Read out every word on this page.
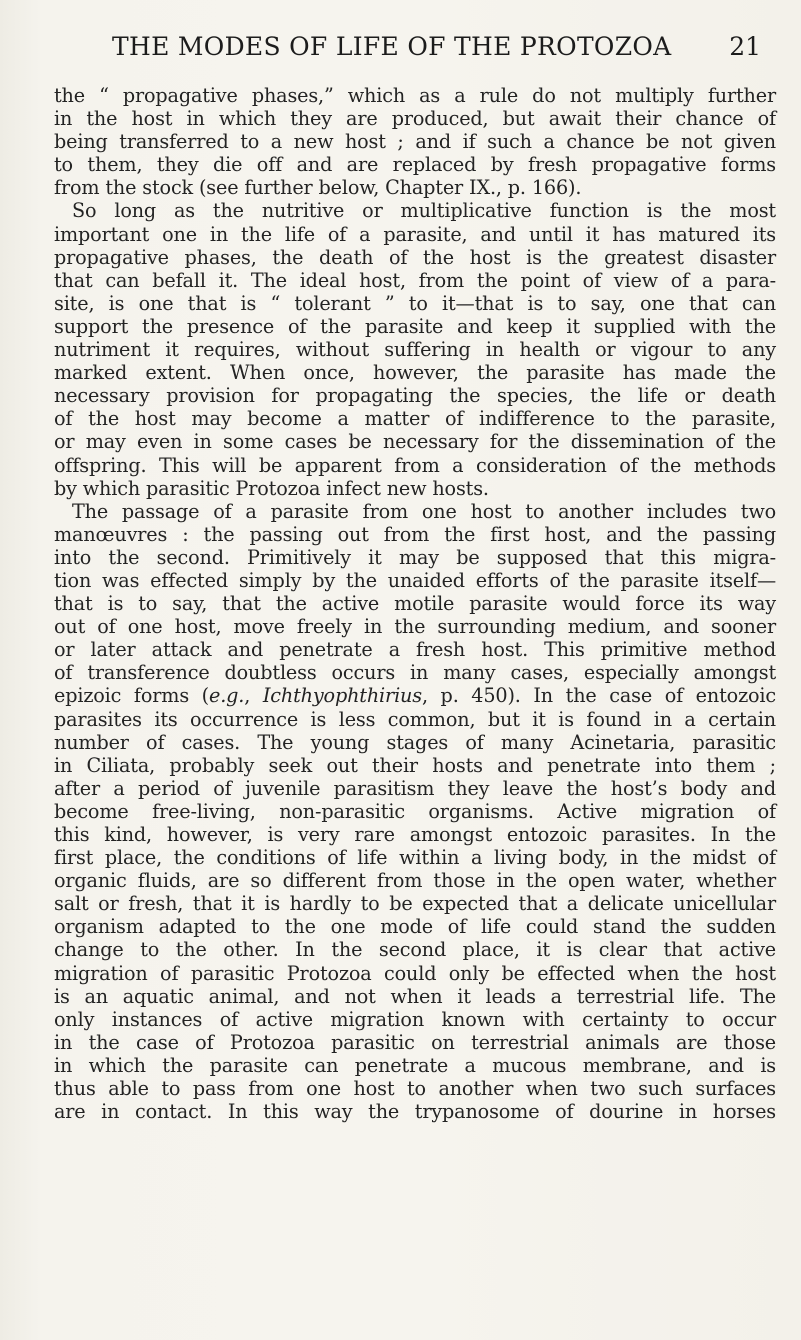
THE MODES OF LIFE OF THE PROTOZOA 21
the “ propagative phases,” which as a rule do not multiply further
in the host in which they are produced, but await their chance of
being transferred to a new host ; and if such a chance be not given
to them, they die off and are replaced by fresh propagative forms
from the stock (see further below, Chapter IX., p. 166).
So long as the nutritive or multiplicative function is the most
important one in the life of a parasite, and until it has matured its
propagative phases, the death of the host is the greatest disaster
that can befall it. The ideal host, from the point of view of a para-
site, is one that is “ tolerant ” to it—that is to say, one that can
support the presence of the parasite and keep it supplied with the
nutriment it requires, without suffering in health or vigour to any
marked extent. When once, however, the parasite has made the
necessary provision for propagating the species, the life or death
of the host may become a matter of indifference to the parasite,
or may even in some cases be necessary for the dissemination of the
offspring. This will be apparent from a consideration of the methods
by which parasitic Protozoa infect new hosts.
The passage of a parasite from one host to another includes two
manœuvres : the passing out from the first host, and the passing
into the second. Primitively it may be supposed that this migra-
tion was effected simply by the unaided efforts of the parasite itself—
that is to say, that the active motile parasite would force its way
out of one host, move freely in the surrounding medium, and sooner
or later attack and penetrate a fresh host. This primitive method
of transference doubtless occurs in many cases, especially amongst
epizoic forms (e.g., Ichthyophthirius, p. 450). In the case of entozoic
parasites its occurrence is less common, but it is found in a certain
number of cases. The young stages of many Acinetaria, parasitic
in Ciliata, probably seek out their hosts and penetrate into them ;
after a period of juvenile parasitism they leave the host’s body and
become free-living, non-parasitic organisms. Active migration of
this kind, however, is very rare amongst entozoic parasites. In the
first place, the conditions of life within a living body, in the midst of
organic fluids, are so different from those in the open water, whether
salt or fresh, that it is hardly to be expected that a delicate unicellular
organism adapted to the one mode of life could stand the sudden
change to the other. In the second place, it is clear that active
migration of parasitic Protozoa could only be effected when the host
is an aquatic animal, and not when it leads a terrestrial life. The
only instances of active migration known with certainty to occur
in the case of Protozoa parasitic on terrestrial animals are those
in which the parasite can penetrate a mucous membrane, and is
thus able to pass from one host to another when two such surfaces
are in contact. In this way the trypanosome of dourine in horses
